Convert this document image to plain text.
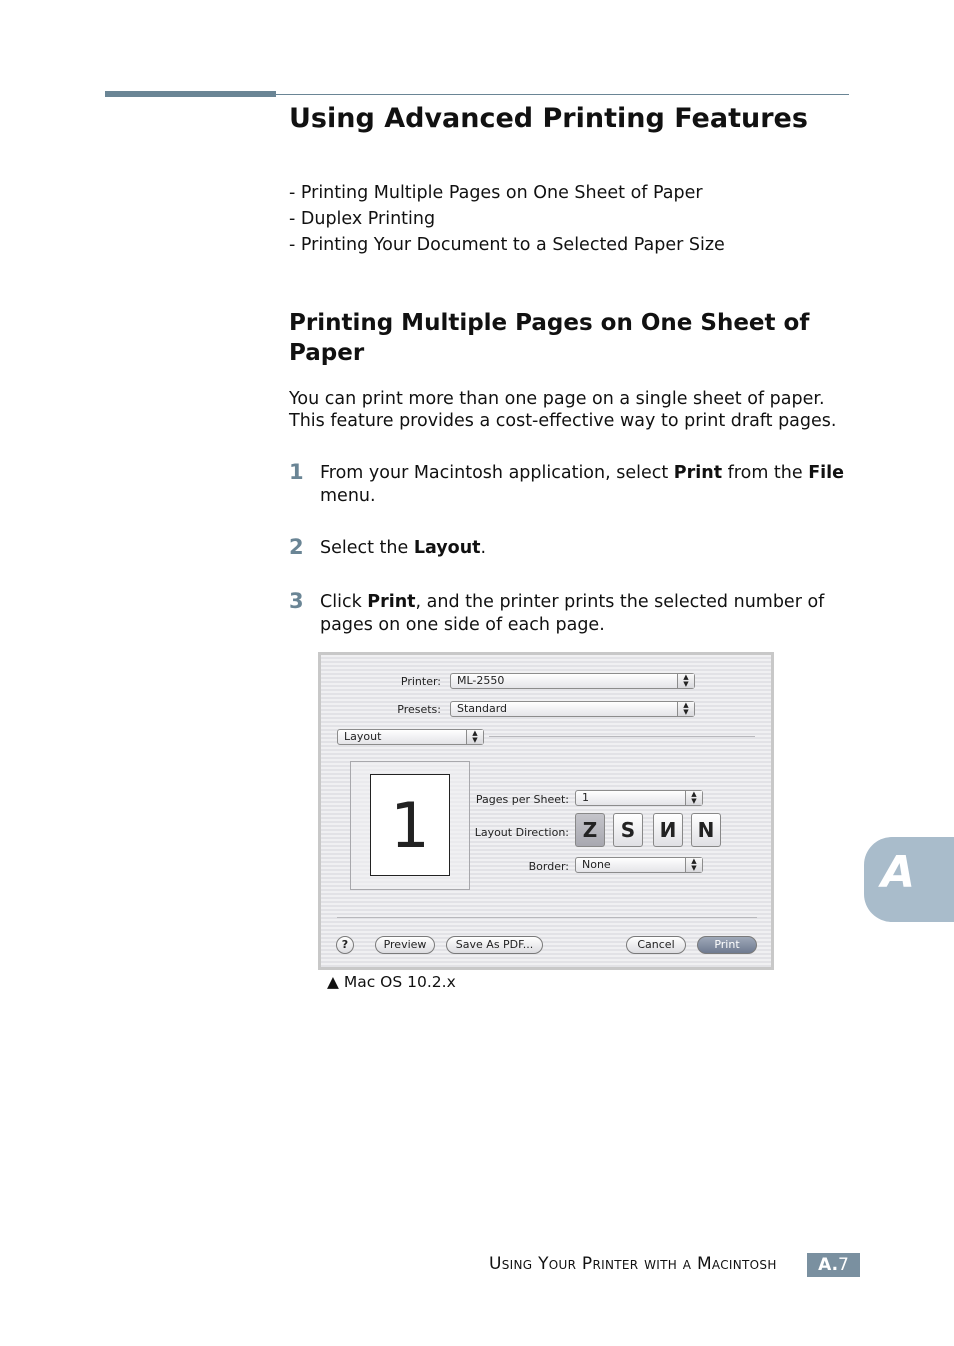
Using Advanced Printing Features
- Printing Multiple Pages on One Sheet of Paper
- Duplex Printing
- Printing Your Document to a Selected Paper Size
Printing Multiple Pages on One Sheet of Paper
You can print more than one page on a single sheet of paper. This feature provides a cost-effective way to print draft pages.
1 From your Macintosh application, select Print from the File menu.
2 Select the Layout.
3 Click Print, and the printer prints the selected number of pages on one side of each page.
Printer:	ML-2550	▲
▼
Presets:	Standard	▲
▼
Layout	▲
▼
1	Pages per Sheet:	1	▲
▼
Layout Direction: Z	S	И	N
Border:	None	▲
▼
?	Preview	Save As PDF...	Cancel	Print
▲ Mac OS 10.2.x
A
Using Your Printer with a Macintosh	A.7
